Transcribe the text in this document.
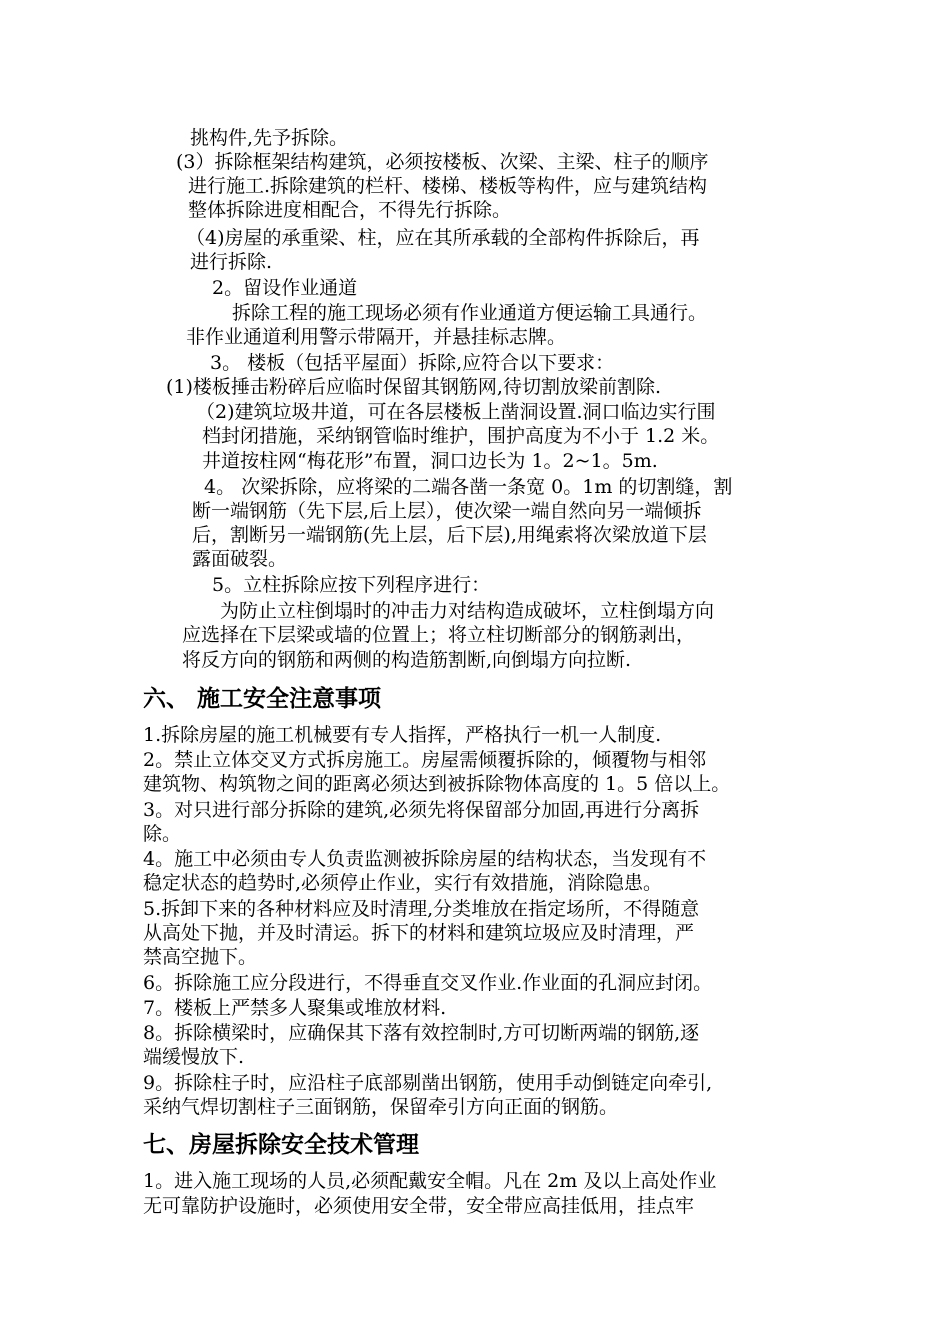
挑构件,先予拆除。
(3）拆除框架结构建筑，必须按楼板、次梁、主梁、柱子的顺序
进行施工.拆除建筑的栏杆、楼梯、楼板等构件，应与建筑结构
整体拆除进度相配合，不得先行拆除。
（4)房屋的承重梁、柱，应在其所承载的全部构件拆除后，再
进行拆除.
2。留设作业通道
拆除工程的施工现场必须有作业通道方便运输工具通行。
非作业通道利用警示带隔开，并悬挂标志牌。
3。 楼板（包括平屋面）拆除,应符合以下要求：
(1)楼板捶击粉碎后应临时保留其钢筋网,待切割放梁前割除.
（2)建筑垃圾井道，可在各层楼板上凿洞设置.洞口临边实行围
档封闭措施，采纳钢管临时维护，围护高度为不小于 1.2 米。
井道按柱网“梅花形”布置，洞口边长为 1。2~1。5m.
4。 次梁拆除，应将梁的二端各凿一条宽 0。1m 的切割缝，割
断一端钢筋（先下层,后上层），使次梁一端自然向另一端倾拆
后，割断另一端钢筋(先上层，后下层),用绳索将次梁放道下层
露面破裂。
5。立柱拆除应按下列程序进行：
为防止立柱倒塌时的冲击力对结构造成破坏，立柱倒塌方向
应选择在下层梁或墙的位置上；将立柱切断部分的钢筋剥出，
将反方向的钢筋和两侧的构造筋割断,向倒塌方向拉断.
六、 施工安全注意事项
1.拆除房屋的施工机械要有专人指挥，严格执行一机一人制度.
2。禁止立体交叉方式拆房施工。房屋需倾覆拆除的，倾覆物与相邻
建筑物、构筑物之间的距离必须达到被拆除物体高度的 1。5 倍以上。
3。对只进行部分拆除的建筑,必须先将保留部分加固,再进行分离拆
除。
4。施工中必须由专人负责监测被拆除房屋的结构状态，当发现有不
稳定状态的趋势时,必须停止作业，实行有效措施，消除隐患。
5.拆卸下来的各种材料应及时清理,分类堆放在指定场所，不得随意
从高处下抛，并及时清运。拆下的材料和建筑垃圾应及时清理，严
禁高空抛下。
6。拆除施工应分段进行，不得垂直交叉作业.作业面的孔洞应封闭。
7。楼板上严禁多人聚集或堆放材料.
8。拆除横梁时，应确保其下落有效控制时,方可切断两端的钢筋,逐
端缓慢放下.
9。拆除柱子时，应沿柱子底部剔凿出钢筋，使用手动倒链定向牵引,
采纳气焊切割柱子三面钢筋，保留牵引方向正面的钢筋。
七、房屋拆除安全技术管理
1。进入施工现场的人员,必须配戴安全帽。凡在 2m 及以上高处作业
无可靠防护设施时，必须使用安全带，安全带应高挂低用，挂点牢
